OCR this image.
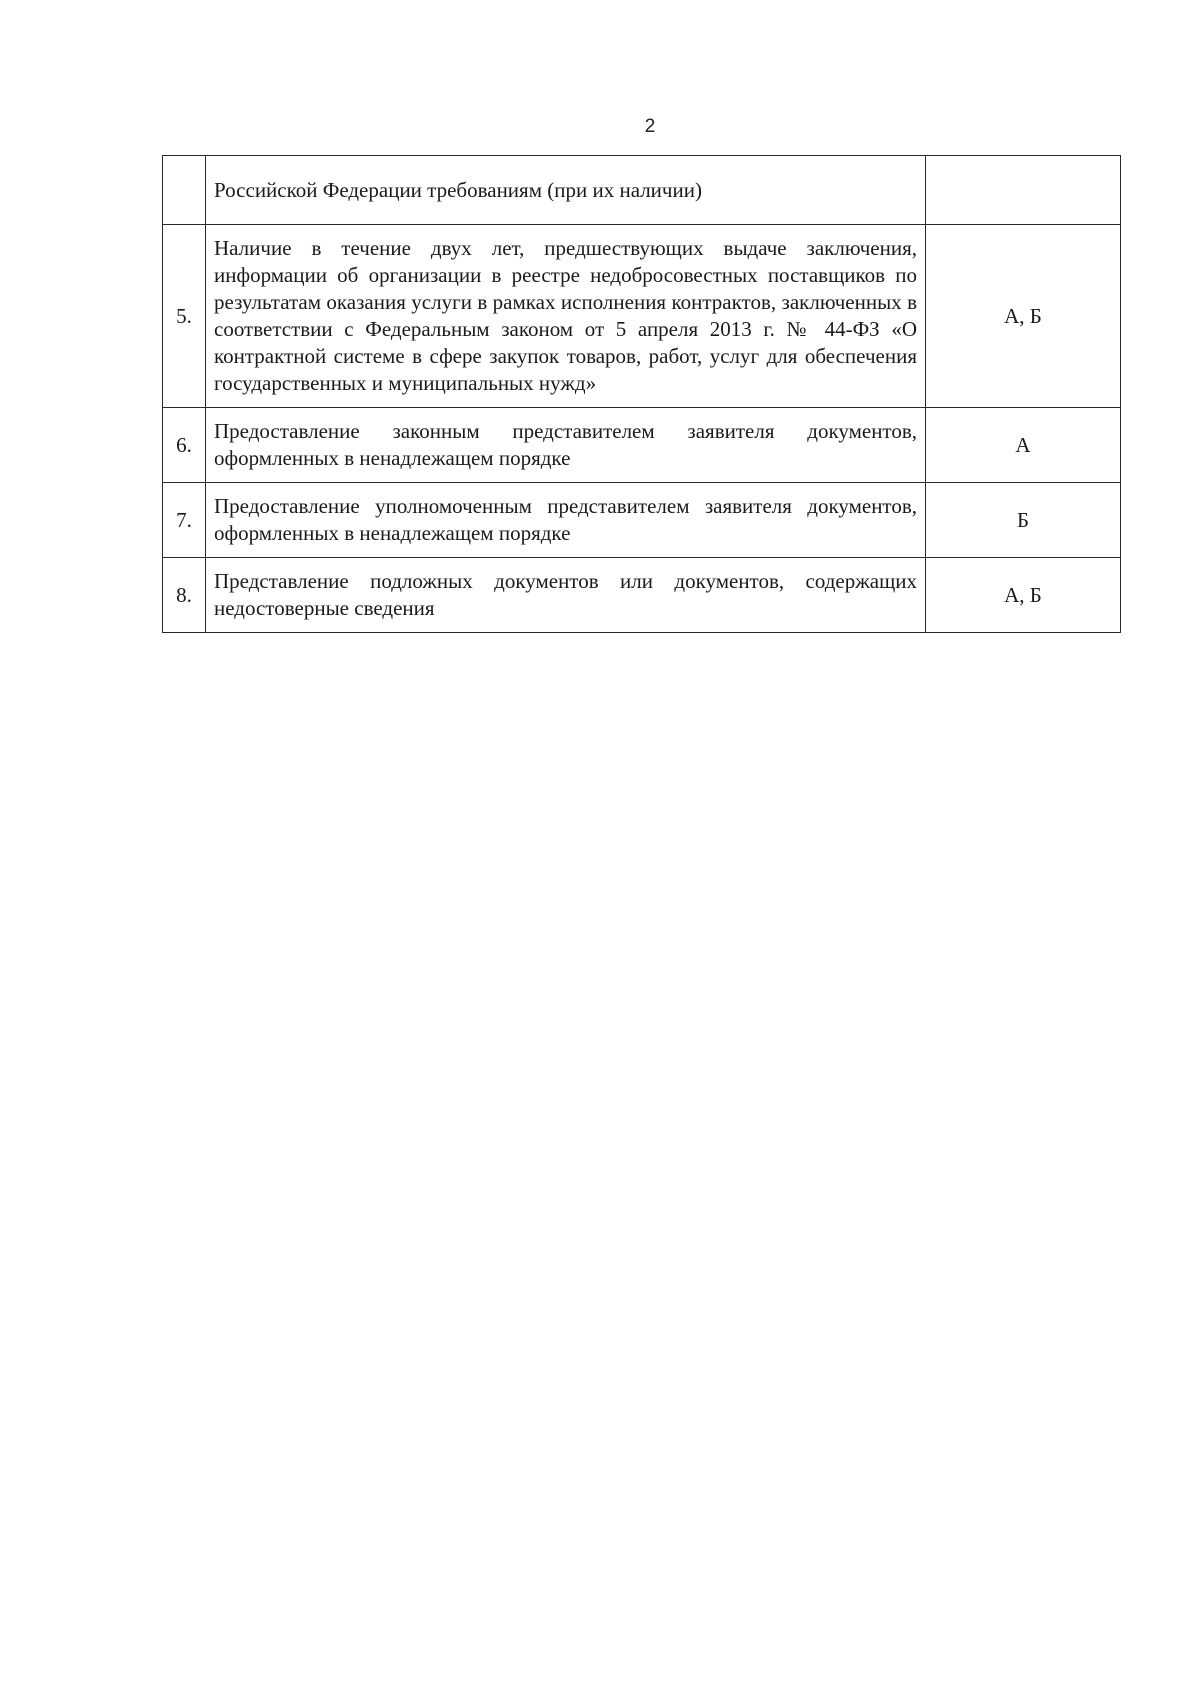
2
	Российской Федерации требованиям (при их наличии)	
5.	Наличие в течение двух лет, предшествующих выдаче заключения, информации об организации в реестре недобросовестных поставщиков по результатам оказания услуги в рамках исполнения контрактов, заключенных в соответствии с Федеральным законом от 5 апреля 2013 г. № 44-ФЗ «О контрактной системе в сфере закупок товаров, работ, услуг для обеспечения государственных и муниципальных нужд»	А, Б
6.	Предоставление законным представителем заявителя документов, оформленных в ненадлежащем порядке	А
7.	Предоставление уполномоченным представителем заявителя документов, оформленных в ненадлежащем порядке	Б
8.	Представление подложных документов или документов, содержащих недостоверные сведения	А, Б
